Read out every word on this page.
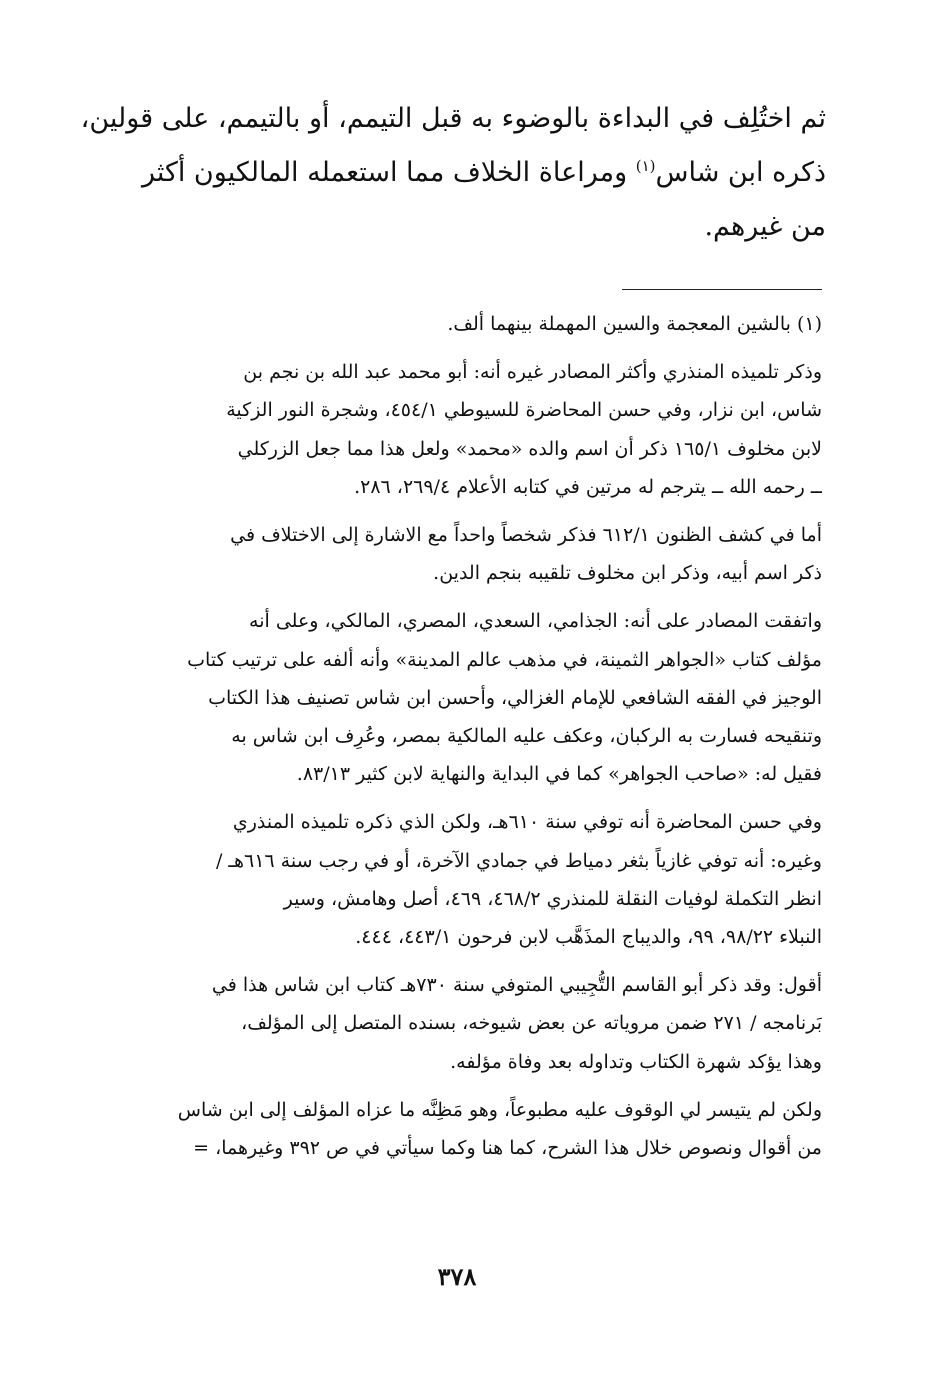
ثم اختُلِف في البداءة بالوضوء به قبل التيمم، أو بالتيمم، على قولين،
ذكره ابن شاس$^{(١)}$ ومراعاة الخلاف مما استعمله المالكيون أكثر
من غيرهم.
(١) بالشين المعجمة والسين المهملة بينهما ألف.
وذكر تلميذه المنذري وأكثر المصادر غيره أنه: أبو محمد عبد الله بن نجم بن
شاس، ابن نزار، وفي حسن المحاضرة للسيوطي ٤٥٤/١، وشجرة النور الزكية
لابن مخلوف ١٦٥/١ ذكر أن اسم والده «محمد» ولعل هذا مما جعل الزركلي
ــ رحمه الله ــ يترجم له مرتين في كتابه الأعلام ٢٦٩/٤، ٢٨٦.
أما في كشف الظنون ٦١٢/١ فذكر شخصاً واحداً مع الاشارة إلى الاختلاف في
ذكر اسم أبيه، وذكر ابن مخلوف تلقيبه بنجم الدين.
واتفقت المصادر على أنه: الجذامي، السعدي، المصري، المالكي، وعلى أنه
مؤلف كتاب «الجواهر الثمينة، في مذهب عالم المدينة» وأنه ألفه على ترتيب كتاب
الوجيز في الفقه الشافعي للإمام الغزالي، وأحسن ابن شاس تصنيف هذا الكتاب
وتنقيحه فسارت به الركبان، وعكف عليه المالكية بمصر، وعُرِف ابن شاس به
فقيل له: «صاحب الجواهر» كما في البداية والنهاية لابن كثير ٨٣/١٣.
وفي حسن المحاضرة أنه توفي سنة ٦١٠هـ، ولكن الذي ذكره تلميذه المنذري
وغيره: أنه توفي غازياً بثغر دمياط في جمادي الآخرة، أو في رجب سنة ٦١٦هـ /
انظر التكملة لوفيات النقلة للمنذري ٤٦٨/٢، ٤٦٩، أصل وهامش، وسير
النبلاء ٩٨/٢٢، ٩٩، والديباج المذَهَّب لابن فرحون ٤٤٣/١، ٤٤٤.
أقول: وقد ذكر أبو القاسم التُّجِيبي المتوفي سنة ٧٣٠هـ كتاب ابن شاس هذا في
بَرنامجه / ٢٧١ ضمن مروياته عن بعض شيوخه، بسنده المتصل إلى المؤلف،
وهذا يؤكد شهرة الكتاب وتداوله بعد وفاة مؤلفه.
ولكن لم يتيسر لي الوقوف عليه مطبوعاً، وهو مَظِنَّه ما عزاه المؤلف إلى ابن شاس
من أقوال ونصوص خلال هذا الشرح، كما هنا وكما سيأتي في ص ٣٩٢ وغيرهما، =
٣٧٨
